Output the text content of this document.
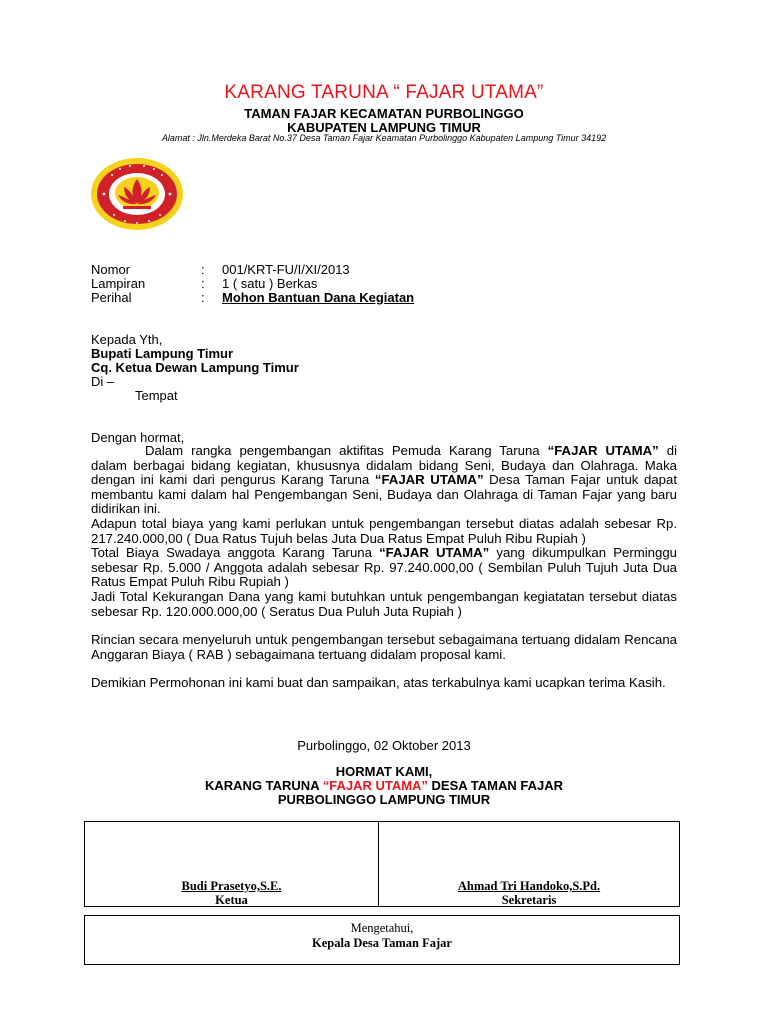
KARANG TARUNA “ FAJAR UTAMA”
TAMAN FAJAR KECAMATAN PURBOLINGGO
KABUPATEN LAMPUNG TIMUR
Alamat : Jln.Merdeka Barat No.37 Desa Taman Fajar Keamatan Purbolinggo Kabupaten Lampung Timur 34192
Nomor	: 001/KRT-FU/I/XI/2013
Lampiran	: 1 ( satu ) Berkas
Perihal	: Mohon Bantuan Dana Kegiatan
Kepada Yth,
Bupati Lampung Timur
Cq. Ketua Dewan Lampung Timur
Di –
Tempat
Dengan hormat,

Dalam rangka pengembangan aktifitas Pemuda Karang Taruna “FAJAR UTAMA” di dalam berbagai bidang kegiatan, khususnya didalam bidang Seni, Budaya dan Olahraga. Maka dengan ini kami dari pengurus Karang Taruna “FAJAR UTAMA” Desa Taman Fajar untuk dapat membantu kami dalam hal Pengembangan Seni, Budaya dan Olahraga di Taman Fajar yang baru didirikan ini.

Adapun total biaya yang kami perlukan untuk pengembangan tersebut diatas adalah sebesar Rp. 217.240.000,00 ( Dua Ratus Tujuh belas Juta Dua Ratus Empat Puluh Ribu Rupiah )

Total Biaya Swadaya anggota Karang Taruna “FAJAR UTAMA” yang dikumpulkan Perminggu sebesar Rp. 5.000 / Anggota adalah sebesar Rp. 97.240.000,00 ( Sembilan Puluh Tujuh Juta Dua Ratus Empat Puluh Ribu Rupiah )

Jadi Total Kekurangan Dana yang kami butuhkan untuk pengembangan kegiatatan tersebut diatas sebesar Rp. 120.000.000,00 ( Seratus Dua Puluh Juta Rupiah )

Rincian secara menyeluruh untuk pengembangan tersebut sebagaimana tertuang didalam Rencana Anggaran Biaya ( RAB ) sebagaimana tertuang didalam proposal kami.

Demikian Permohonan ini kami buat dan sampaikan, atas terkabulnya kami ucapkan terima Kasih.

Purbolinggo, 02 Oktober 2013
HORMAT KAMI,
KARANG TARUNA “FAJAR UTAMA” DESA TAMAN FAJAR
PURBOLINGGO LAMPUNG TIMUR
Budi Prasetyo,S.E.
Ketua
Ahmad Tri Handoko,S.Pd.
Sekretaris
Mengetahui,
Kepala Desa Taman Fajar
